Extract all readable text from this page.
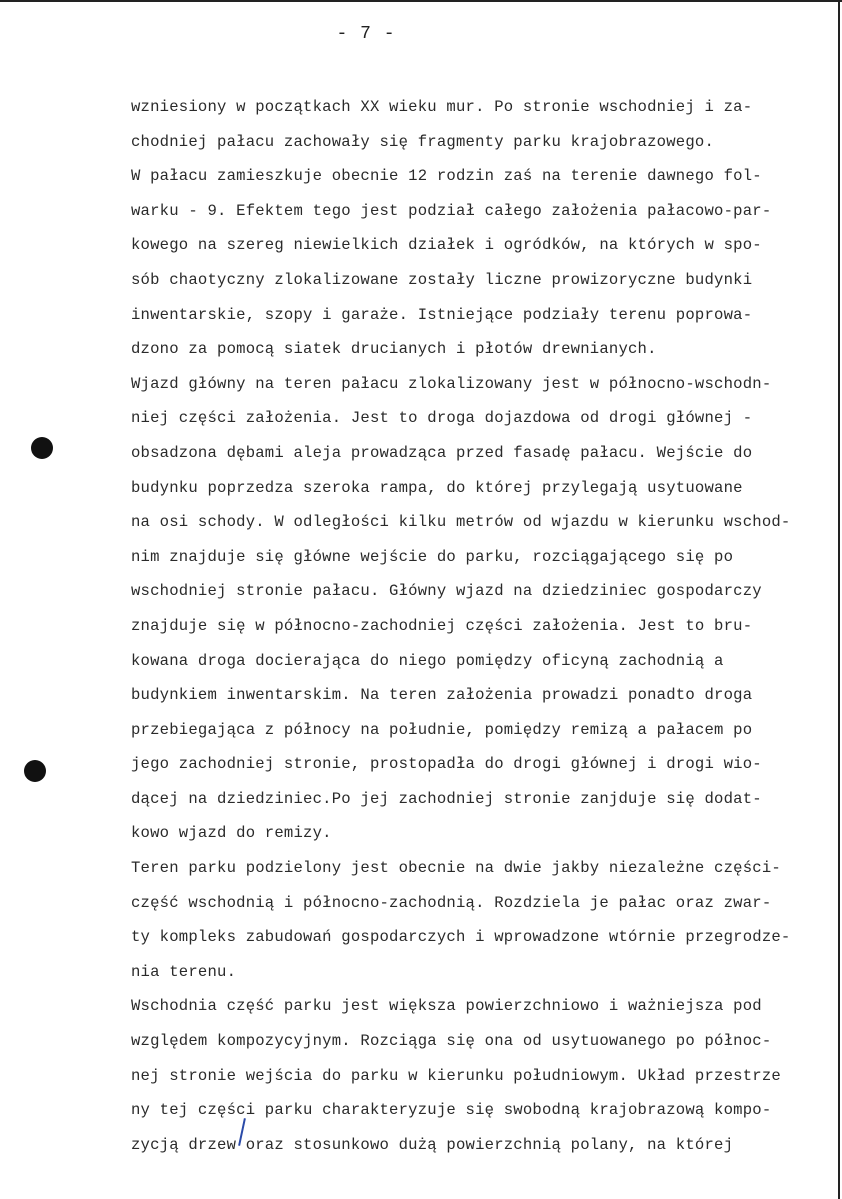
- 7 -
wzniesiony w początkach XX wieku mur. Po stronie wschodniej i za-
chodniej pałacu zachowały się fragmenty parku krajobrazowego.
W pałacu zamieszkuje obecnie 12 rodzin zaś na terenie dawnego fol-
warku - 9. Efektem tego jest podział całego założenia pałacowo-par-
kowego na szereg niewielkich działek i ogródków, na których w spo-
sób chaotyczny zlokalizowane zostały liczne prowizoryczne budynki
inwentarskie, szopy i garaże. Istniejące podziały terenu poprowa-
dzono za pomocą siatek drucianych i płotów drewnianych.
Wjazd główny na teren pałacu zlokalizowany jest w północno-wschodn-
niej części założenia. Jest to droga dojazdowa od drogi głównej -
obsadzona dębami aleja prowadząca przed fasadę pałacu. Wejście do
budynku poprzedza szeroka rampa, do której przylegają usytuowane
na osi schody. W odległości kilku metrów od wjazdu w kierunku wschod-
nim znajduje się główne wejście do parku, rozciągającego się po
wschodniej stronie pałacu. Główny wjazd na dziedziniec gospodarczy
znajduje się w północno-zachodniej części założenia. Jest to bru-
kowana droga docierająca do niego pomiędzy oficyną zachodnią a
budynkiem inwentarskim. Na teren założenia prowadzi ponadto droga
przebiegająca z północy na południe, pomiędzy remizą a pałacem po
jego zachodniej stronie, prostopadła do drogi głównej i drogi wio-
dącej na dziedziniec.Po jej zachodniej stronie zanjduje się dodat-
kowo wjazd do remizy.
Teren parku podzielony jest obecnie na dwie jakby niezależne części-
część wschodnią i północno-zachodnią. Rozdziela je pałac oraz zwar-
ty kompleks zabudowań gospodarczych i wprowadzone wtórnie przegrodze-
nia terenu.
Wschodnia część parku jest większa powierzchniowo i ważniejsza pod
względem kompozycyjnym. Rozciąga się ona od usytuowanego po północ-
nej stronie wejścia do parku w kierunku południowym. Układ przestrze
ny tej części parku charakteryzuje się swobodną krajobrazową kompo-
zycją drzew oraz stosunkowo dużą powierzchnią polany, na której
